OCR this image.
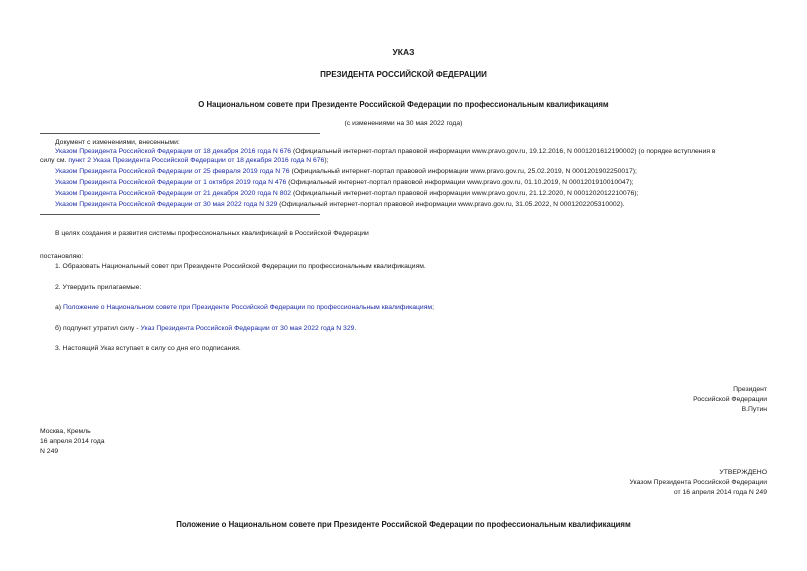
УКАЗ
ПРЕЗИДЕНТА РОССИЙСКОЙ ФЕДЕРАЦИИ
О Национальном совете при Президенте Российской Федерации по профессиональным квалификациям
(с изменениями на 30 мая 2022 года)
Документ с изменениями, внесенными:
Указом Президента Российской Федерации от 18 декабря 2016 года N 676 (Официальный интернет-портал правовой информации www.pravo.gov.ru, 19.12.2016, N 0001201612190002) (о порядке вступления в
силу см. пункт 2 Указа Президента Российской Федерации от 18 декабря 2016 года N 676);
Указом Президента Российской Федерации от 25 февраля 2019 года N 76 (Официальный интернет-портал правовой информации www.pravo.gov.ru, 25.02.2019, N 0001201902250017);
Указом Президента Российской Федерации от 1 октября 2019 года N 476 (Официальный интернет-портал правовой информации www.pravo.gov.ru, 01.10.2019, N 0001201910010047);
Указом Президента Российской Федерации от 21 декабря 2020 года N 802 (Официальный интернет-портал правовой информации www.pravo.gov.ru, 21.12.2020, N 0001202012210076);
Указом Президента Российской Федерации от 30 мая 2022 года N 329 (Официальный интернет-портал правовой информации www.pravo.gov.ru, 31.05.2022, N 0001202205310002).
В целях создания и развития системы профессиональных квалификаций в Российской Федерации
постановляю:
1. Образовать Национальный совет при Президенте Российской Федерации по профессиональным квалификациям.
2. Утвердить прилагаемые:
а) Положение о Национальном совете при Президенте Российской Федерации по профессиональным квалификациям;
б) подпункт утратил силу - Указ Президента Российской Федерации от 30 мая 2022 года N 329.
3. Настоящий Указ вступает в силу со дня его подписания.
Президент
Российской Федерации
В.Путин
Москва, Кремль
16 апреля 2014 года
N 249
УТВЕРЖДЕНО
Указом Президента Российской Федерации
от 16 апреля 2014 года N 249
Положение о Национальном совете при Президенте Российской Федерации по профессиональным квалификациям
